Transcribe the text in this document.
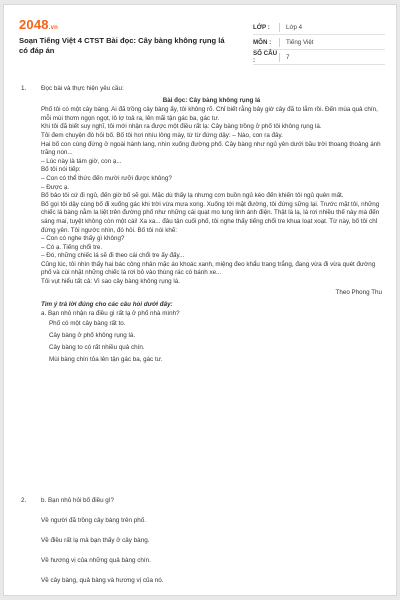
2048.vn
Soạn Tiếng Việt 4 CTST Bài đọc: Cây bàng không rụng lá có đáp án
LỚP :	Lớp 4
MÔN :	Tiếng Việt
SỐ CÂU :	7
1. Đọc bài và thực hiện yêu cầu:
Bài đọc: Cây bàng không rụng lá
Phố tôi có một cây bàng. Ai đã trồng cây bàng ấy, tôi không rõ. Chỉ biết rằng bây giờ cây đã to lắm rồi. Đến mùa quả chín, mỗi mùi thơm ngọn ngọt, lô lợ toả ra, lên mãi tận gác ba, gác tư.
Khi tôi đã biết suy nghĩ, tôi mới nhận ra được một điều rất lạ: Cây bàng trồng ở phố tôi không rụng lá.
Tôi đem chuyện đó hỏi bố. Bố tôi hơi nhíu lông mày, từ từ đứng dậy: – Nào, con ra đây.
Hai bố con cùng đứng ở ngoài hành lang, nhìn xuống đường phố. Cây bàng như ngủ yên dưới bầu trời thoang thoảng ánh trăng non...
– Lúc này là tám giờ, con ạ...
Bố tôi nói tiếp:
– Con có thể thức đến mười rưỡi được không?
– Được ạ.
Bố bảo tôi cứ đi ngủ, đến giờ bố sẽ gọi. Mặc dù thấy lạ nhưng cơn buồn ngủ kéo đến khiến tôi ngủ quên mất.
Bố gọi tôi dậy cùng bố đi xuống gác khi trời vừa mưa xong. Xuống tới mặt đường, tôi đứng sững lại. Trước mặt tôi, những chiếc lá bàng nằm la liệt trên đường phố như những cái quạt mo lung linh ánh điện. Thật là lạ, lá rơi nhiều thế này mà đến sáng mai, tuyệt không còn một cái! Xa xa... đâu tận cuối phố, tôi nghe thấy tiếng chổi tre khua loạt xoạt. Từ này, bố tôi chỉ đứng yên. Tôi ngước nhìn, đó hỏi. Bố tôi nói khẽ:
– Con có nghe thấy gì không?
– Có ạ. Tiếng chổi tre.
– Đó, những chiếc lá sẽ đi theo cái chổi tre ấy đấy...
Cũng lúc, tôi nhìn thấy hai bác công nhân mặc áo khoác xanh, miệng đeo khẩu trang trắng, đang vừa đi vừa quét đường phố và cùi nhặt những chiếc lá rơi bỏ vào thùng rác có bánh xe...
Tôi vụt hiểu tất cả: Vì sao cây bàng không rụng lá.
Theo Phong Thu
Tìm ý trả lời đúng cho các câu hỏi dưới đây:
a. Bạn nhỏ nhận ra điều gì rất lạ ở phố nhà mình?
Phố có một cây bàng rất to.
Cây bàng ở phố không rụng lá.
Cây bàng to có rất nhiều quả chín.
Mùi bàng chín tỏa lên tận gác ba, gác tư.
2. b. Bạn nhỏ hỏi bố điều gì?
Về người đã trồng cây bàng trên phố.
Về điều rất lạ mà bạn thấy ở cây bàng.
Về hương vị của những quả bàng chín.
Về cây bàng, quả bàng và hương vị của nó.
